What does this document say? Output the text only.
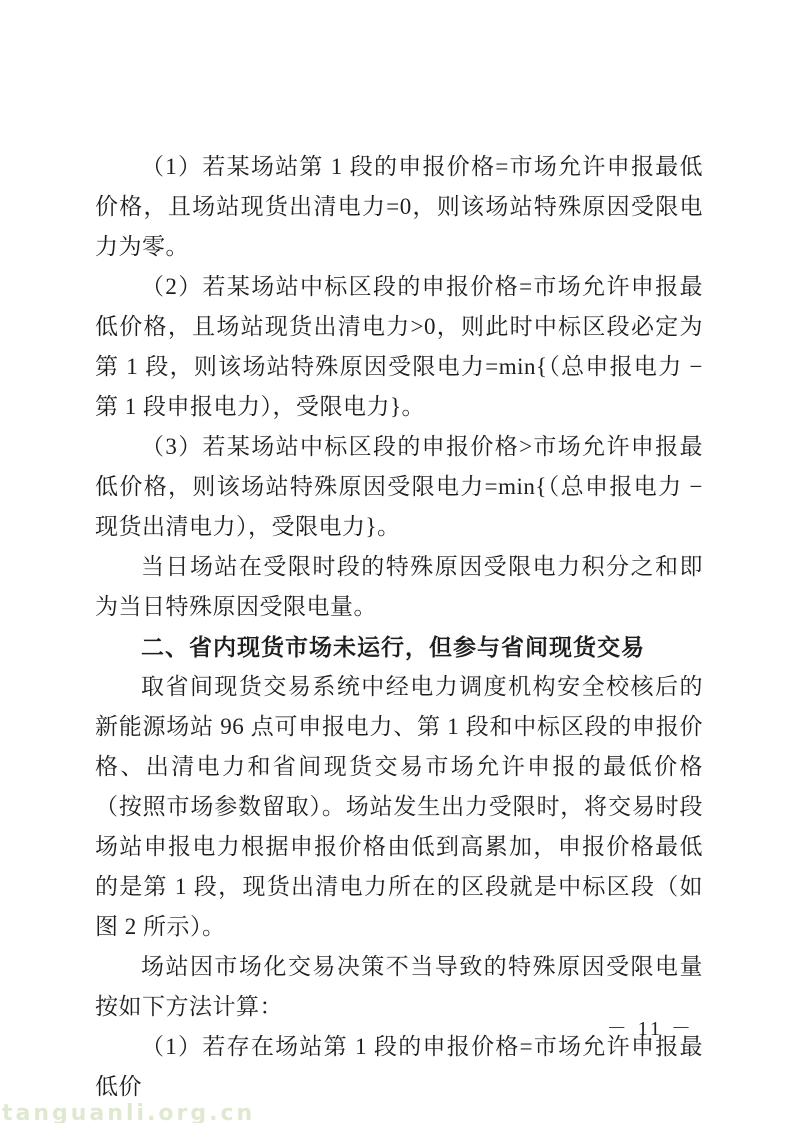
（1）若某场站第 1 段的申报价格=市场允许申报最低价格，且场站现货出清电力=0，则该场站特殊原因受限电力为零。

（2）若某场站中标区段的申报价格=市场允许申报最低价格，且场站现货出清电力>0，则此时中标区段必定为第 1 段，则该场站特殊原因受限电力=min{（总申报电力 − 第 1 段申报电力），受限电力}。

（3）若某场站中标区段的申报价格>市场允许申报最低价格，则该场站特殊原因受限电力=min{（总申报电力 − 现货出清电力），受限电力}。

当日场站在受限时段的特殊原因受限电力积分之和即为当日特殊原因受限电量。

二、省内现货市场未运行，但参与省间现货交易

取省间现货交易系统中经电力调度机构安全校核后的新能源场站 96 点可申报电力、第 1 段和中标区段的申报价格、出清电力和省间现货交易市场允许申报的最低价格（按照市场参数留取）。场站发生出力受限时，将交易时段场站申报电力根据申报价格由低到高累加，申报价格最低的是第 1 段，现货出清电力所在的区段就是中标区段（如图 2 所示）。

场站因市场化交易决策不当导致的特殊原因受限电量按如下方法计算：

（1）若存在场站第 1 段的申报价格=市场允许申报最低价

－ 11 －
tanguanli.org.cn
